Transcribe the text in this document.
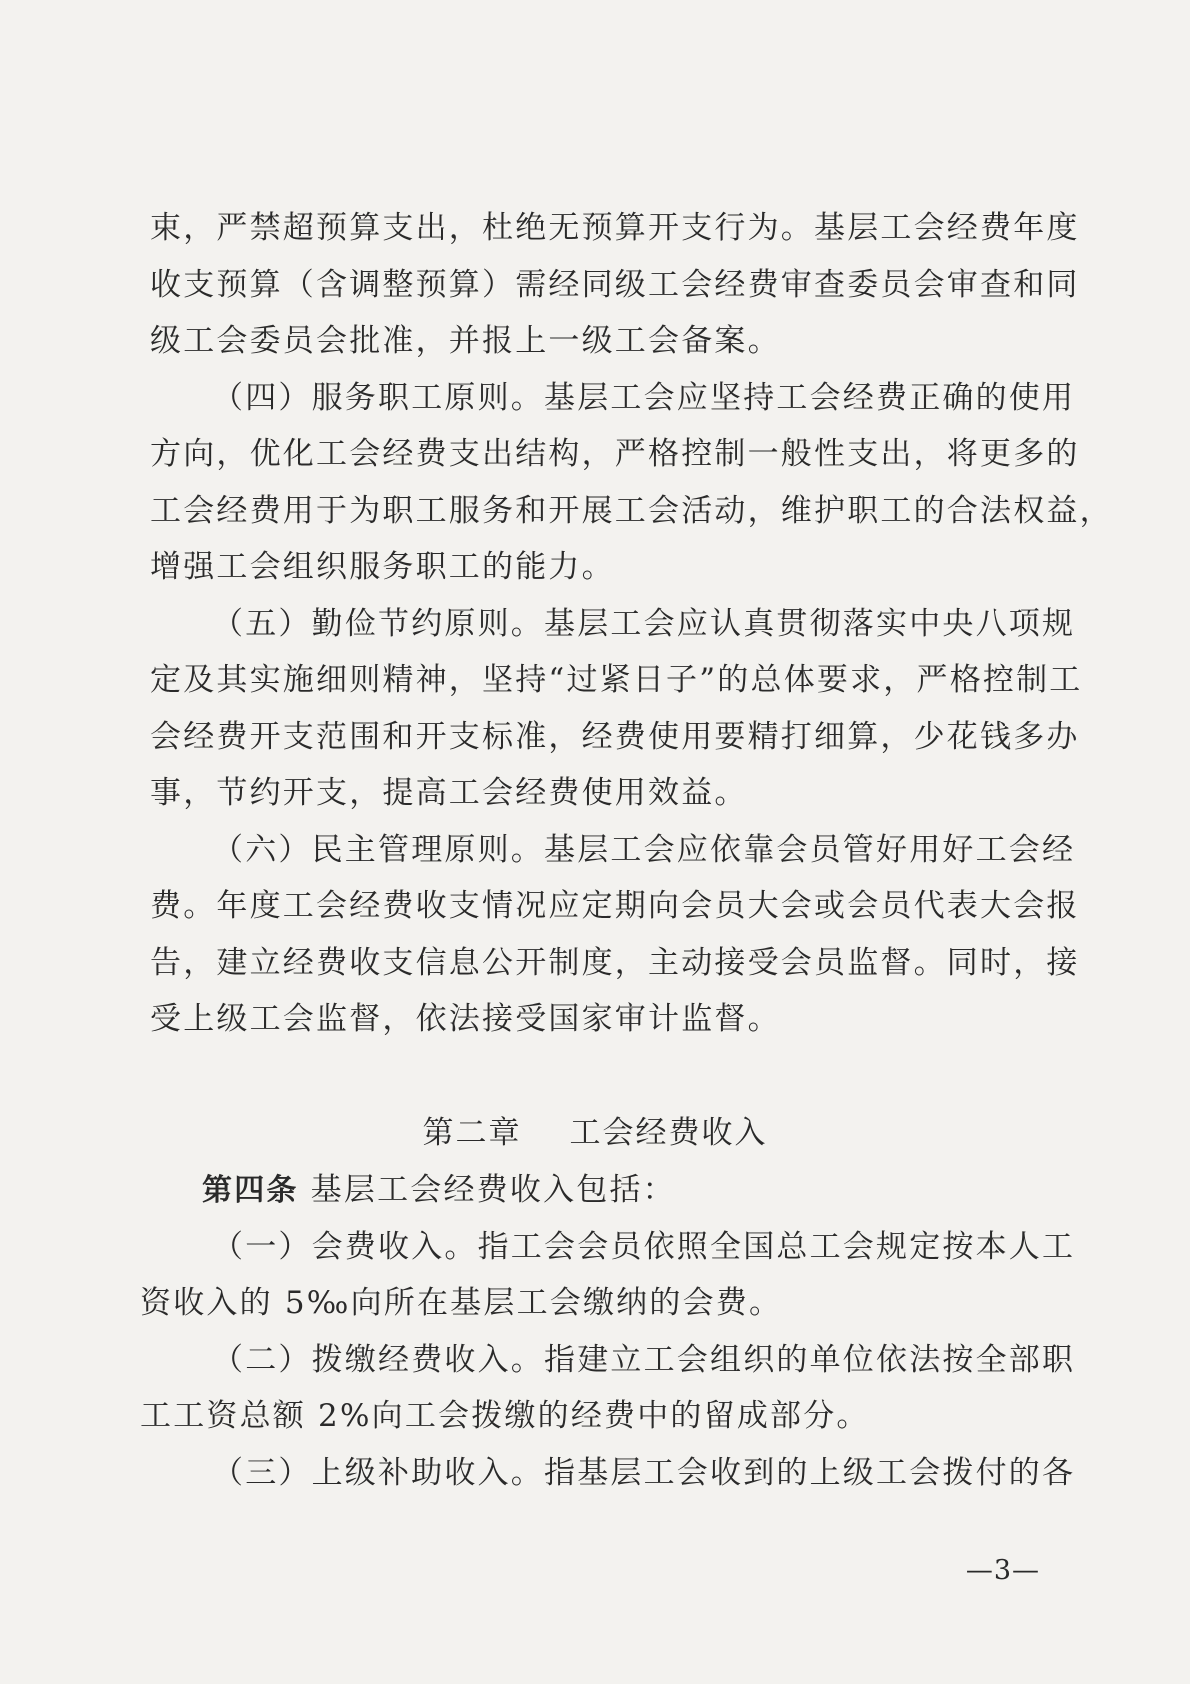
束，严禁超预算支出，杜绝无预算开支行为。基层工会经费年度
收支预算（含调整预算）需经同级工会经费审查委员会审查和同
级工会委员会批准，并报上一级工会备案。
（四）服务职工原则。基层工会应坚持工会经费正确的使用
方向，优化工会经费支出结构，严格控制一般性支出，将更多的
工会经费用于为职工服务和开展工会活动，维护职工的合法权益，
增强工会组织服务职工的能力。
（五）勤俭节约原则。基层工会应认真贯彻落实中央八项规
定及其实施细则精神，坚持“过紧日子”的总体要求，严格控制工
会经费开支范围和开支标准，经费使用要精打细算，少花钱多办
事，节约开支，提高工会经费使用效益。
（六）民主管理原则。基层工会应依靠会员管好用好工会经
费。年度工会经费收支情况应定期向会员大会或会员代表大会报
告，建立经费收支信息公开制度，主动接受会员监督。同时，接
受上级工会监督，依法接受国家审计监督。
第二章 工会经费收入
第四条 基层工会经费收入包括：
（一）会费收入。指工会会员依照全国总工会规定按本人工
资收入的 5‰向所在基层工会缴纳的会费。
（二）拨缴经费收入。指建立工会组织的单位依法按全部职
工工资总额 2%向工会拨缴的经费中的留成部分。
（三）上级补助收入。指基层工会收到的上级工会拨付的各
—3—
